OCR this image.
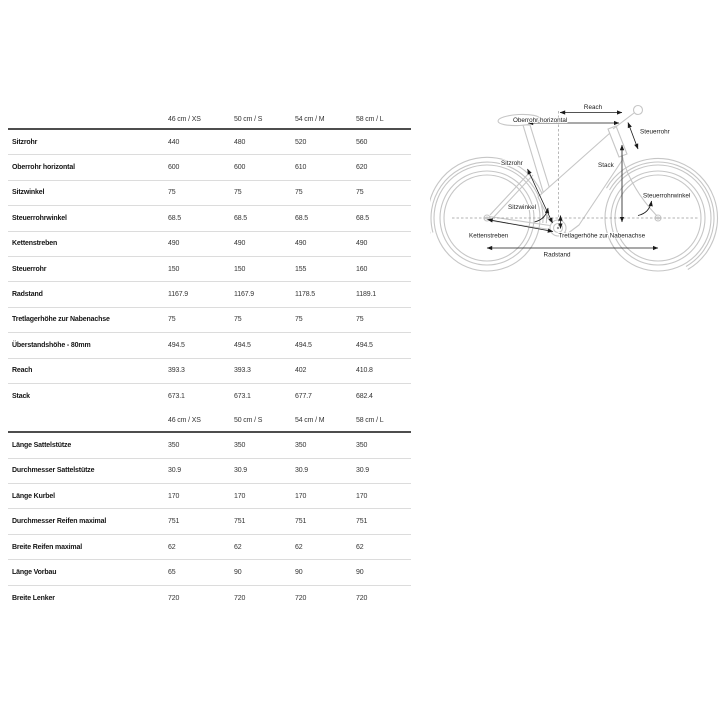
46 cm / XS	50 cm / S	54 cm / M	58 cm / L
Sitzrohr	440	480	520	560
Oberrohr horizontal	600	600	610	620
Sitzwinkel	75	75	75	75
Steuerrohrwinkel	68.5	68.5	68.5	68.5
Kettenstreben	490	490	490	490
Steuerrohr	150	150	155	160
Radstand	1167.9	1167.9	1178.5	1189.1
Tretlagerhöhe zur Nabenachse	75	75	75	75
Überstandshöhe - 80mm	494.5	494.5	494.5	494.5
Reach	393.3	393.3	402	410.8
Stack	673.1	673.1	677.7	682.4
46 cm / XS	50 cm / S	54 cm / M	58 cm / L
Länge Sattelstütze	350	350	350	350
Durchmesser Sattelstütze	30.9	30.9	30.9	30.9
Länge Kurbel	170	170	170	170
Durchmesser Reifen maximal	751	751	751	751
Breite Reifen maximal	62	62	62	62
Länge Vorbau	65	90	90	90
Breite Lenker	720	720	720	720
Reach
Oberrohr horizontal
Steuerrohr
Sitzrohr	Stack
Sitzwinkel
Steuerrohrwinkel
Kettenstreben	Tretlagerhöhe zur Nabenachse
Radstand
